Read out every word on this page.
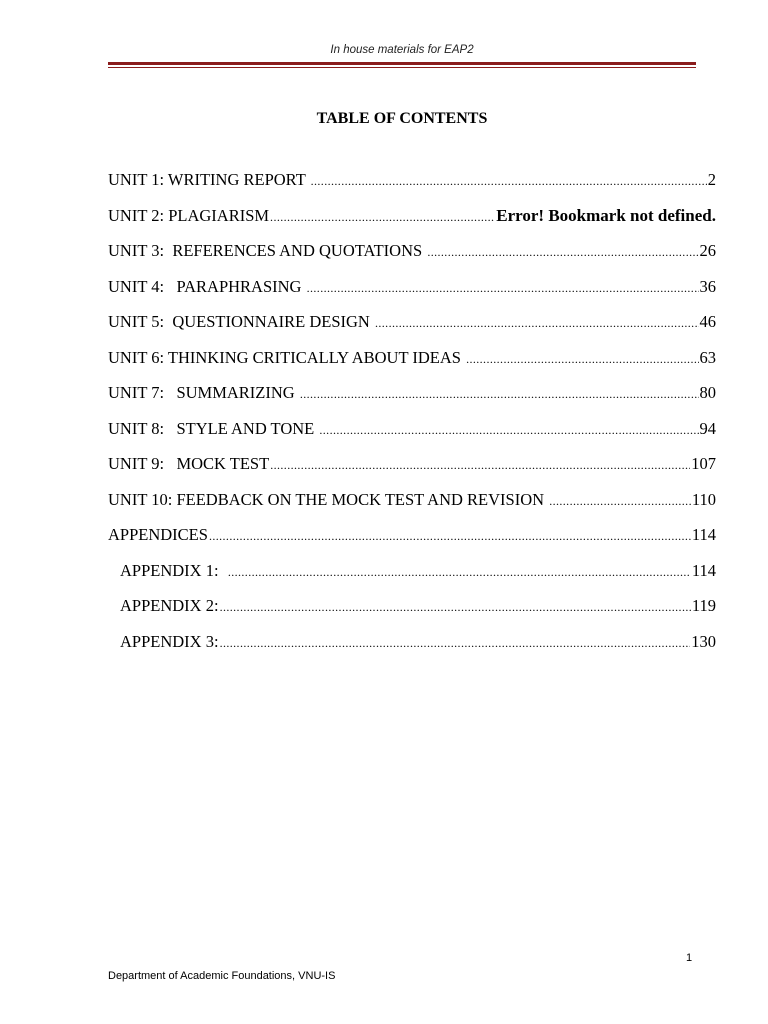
In house materials for EAP2
TABLE OF CONTENTS
UNIT 1: WRITING REPORT .....	2
UNIT 2: PLAGIARISM .....	Error! Bookmark not defined.
UNIT 3:  REFERENCES AND QUOTATIONS .....	26
UNIT 4:   PARAPHRASING .....	36
UNIT 5:  QUESTIONNAIRE DESIGN .....	46
UNIT 6: THINKING CRITICALLY ABOUT IDEAS .....	63
UNIT 7:   SUMMARIZING .....	80
UNIT 8:   STYLE AND TONE .....	94
UNIT 9:   MOCK TEST .....	107
UNIT 10: FEEDBACK ON THE MOCK TEST AND REVISION .....	110
APPENDICES .....	114
APPENDIX 1: .....	114
APPENDIX 2: .....	119
APPENDIX 3: .....	130
1
Department of Academic Foundations, VNU-IS
